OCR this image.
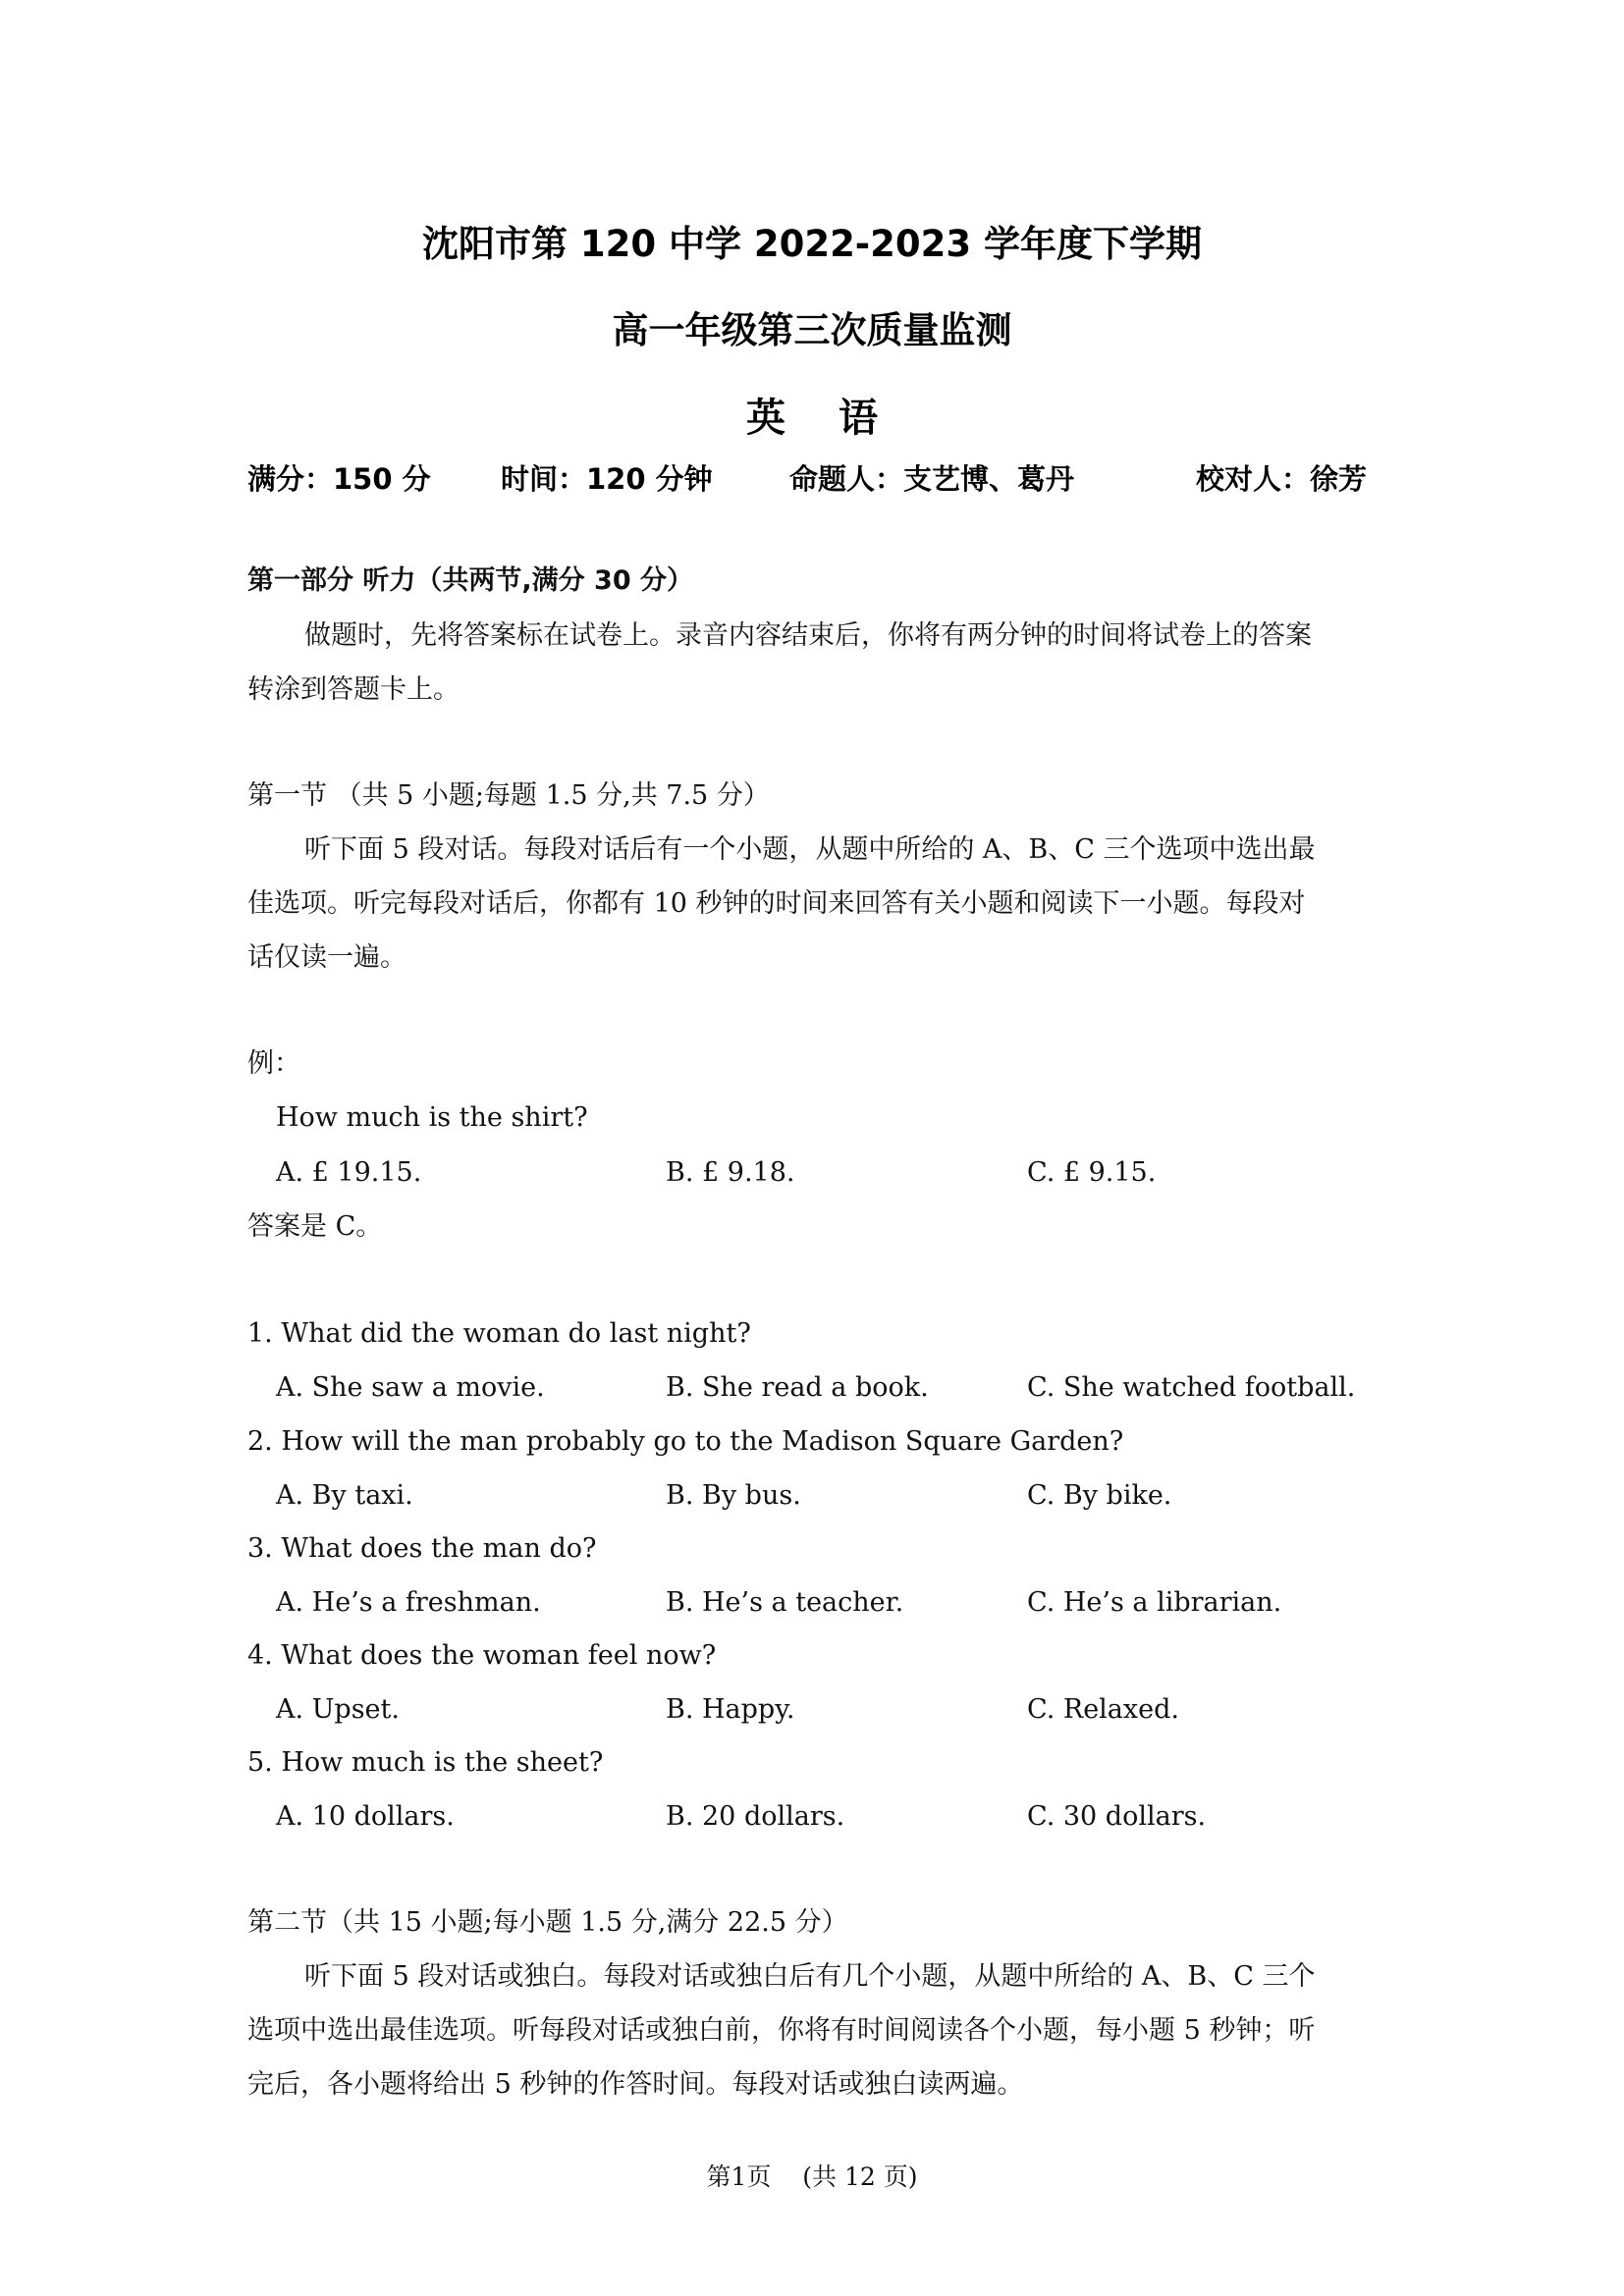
沈阳市第 120 中学 2022-2023 学年度下学期
高一年级第三次质量监测
英语
满分：150 分 时间：120 分钟	命题人：支艺博、葛丹	校对人：徐芳
第一部分 听力（共两节,满分 30 分）
做题时，先将答案标在试卷上。录音内容结束后，你将有两分钟的时间将试卷上的答案
转涂到答题卡上。
第一节 （共 5 小题;每题 1.5 分,共 7.5 分）
听下面 5 段对话。每段对话后有一个小题，从题中所给的 A、B、C 三个选项中选出最
佳选项。听完每段对话后，你都有 10 秒钟的时间来回答有关小题和阅读下一小题。每段对
话仅读一遍。
例：
How much is the shirt?
A. £ 19.15.	B. £ 9.18.	C. £ 9.15.
答案是 C。
1. What did the woman do last night?
A. She saw a movie.	B. She read a book.	C. She watched football.
2. How will the man probably go to the Madison Square Garden?
A. By taxi.	B. By bus.	C. By bike.
3. What does the man do?
A. He’s a freshman.	B. He’s a teacher.	C. He’s a librarian.
4. What does the woman feel now?
A. Upset.	B. Happy.	C. Relaxed.
5. How much is the sheet?
A. 10 dollars.	B. 20 dollars.	C. 30 dollars.
第二节（共 15 小题;每小题 1.5 分,满分 22.5 分）
听下面 5 段对话或独白。每段对话或独白后有几个小题，从题中所给的 A、B、C 三个
选项中选出最佳选项。听每段对话或独白前，你将有时间阅读各个小题，每小题 5 秒钟；听
完后，各小题将给出 5 秒钟的作答时间。每段对话或独白读两遍。
第1页    (共 12 页)
